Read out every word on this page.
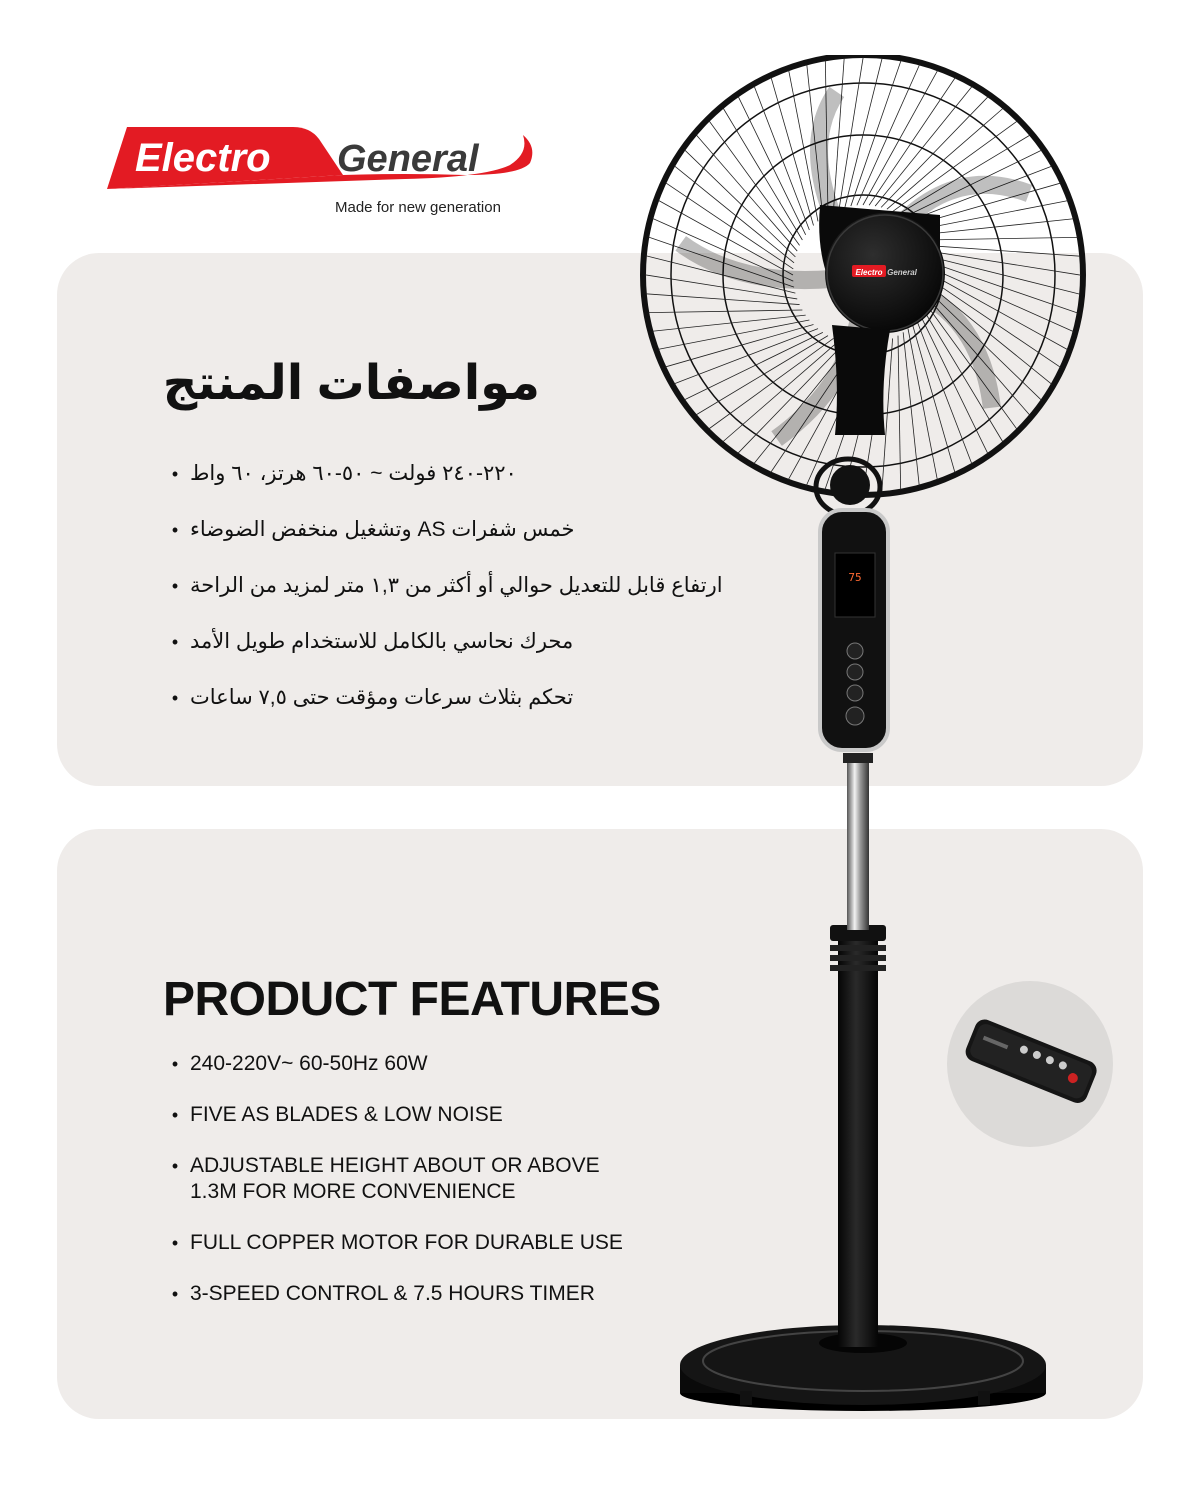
Electro General
Made for new generation
مواصفات المنتج
• ٢٢٠-٢٤٠ فولت ~ ٥٠-٦٠ هرتز، ٦٠ واط
• خمس شفرات AS وتشغيل منخفض الضوضاء
• ارتفاع قابل للتعديل حوالي أو أكثر من ١,٣ متر لمزيد من الراحة
• محرك نحاسي بالكامل للاستخدام طويل الأمد
• تحكم بثلاث سرعات ومؤقت حتى ٧,٥ ساعات
PRODUCT FEATURES
• 240-220V~ 60-50Hz 60W
• FIVE AS BLADES & LOW NOISE
• ADJUSTABLE HEIGHT ABOUT OR ABOVE
1.3M FOR MORE CONVENIENCE
• FULL COPPER MOTOR FOR DURABLE USE
• 3-SPEED CONTROL & 7.5 HOURS TIMER
Electro General
75
